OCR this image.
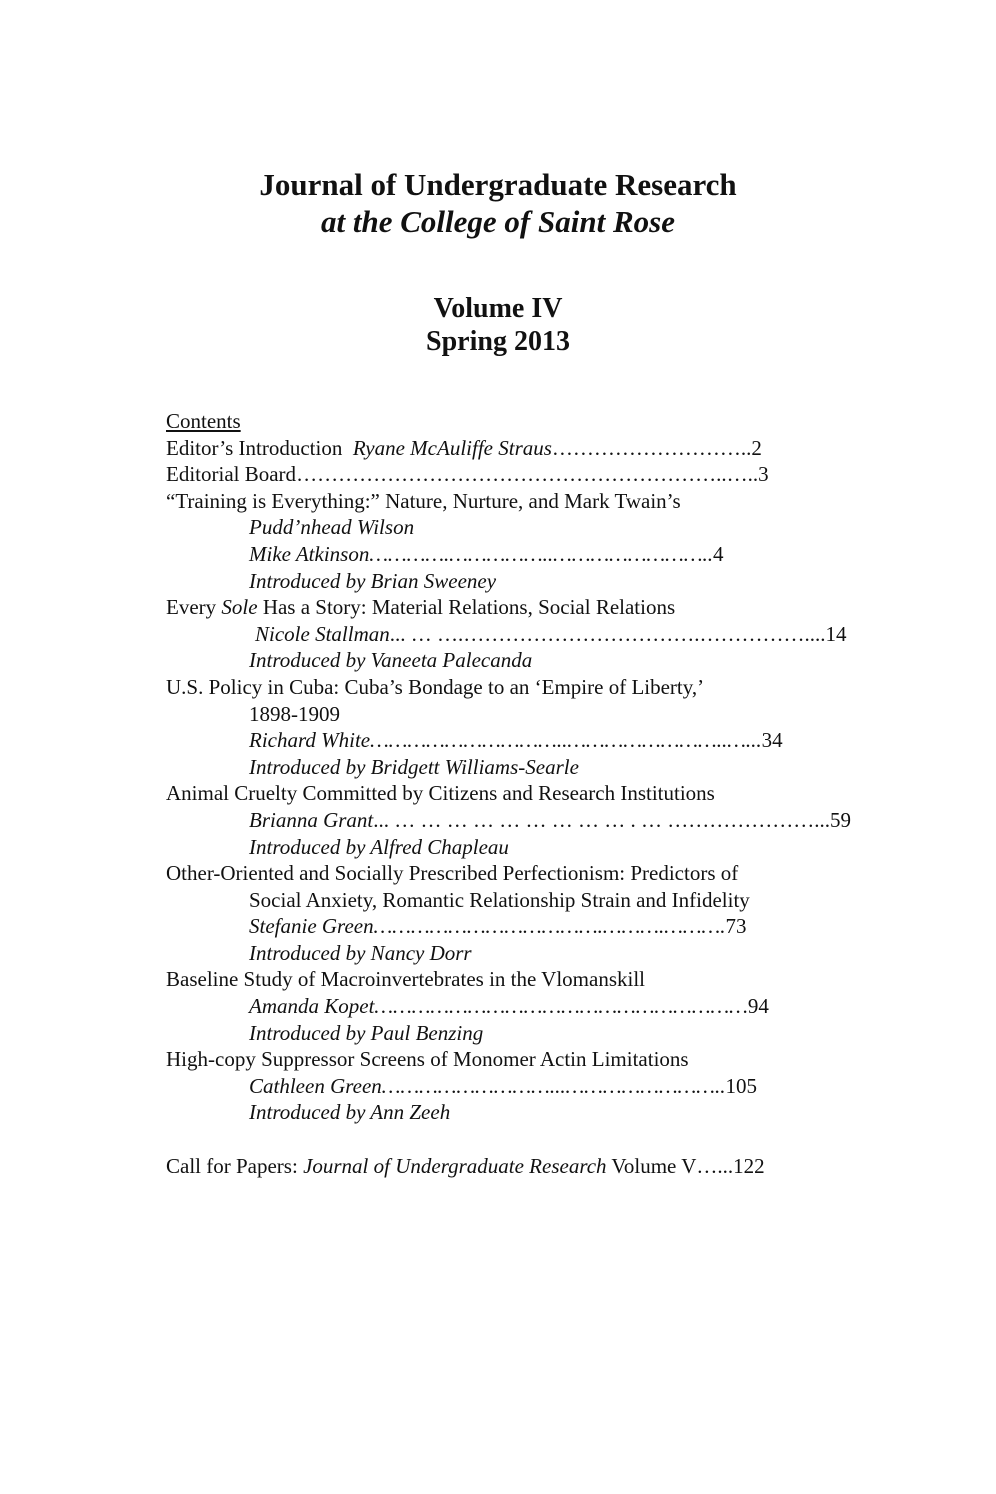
Journal of Undergraduate Research
at the College of Saint Rose
Volume IV
Spring 2013
Contents
Editor’s Introduction Ryane McAuliffe Straus………………………..2
Editorial Board……………………………………………………..…..3
“Training is Everything:” Nature, Nurture, and Mark Twain’s
Pudd’nhead Wilson
Mike Atkinson………….……………..……………………..4
Introduced by Brian Sweeney
Every Sole Has a Story: Material Relations, Social Relations
Nicole Stallman... … ….…………………………….……………....14
Introduced by Vaneeta Palecanda
U.S. Policy in Cuba: Cuba’s Bondage to an ‘Empire of Liberty,’
1898-1909
Richard White…………………………..……………………..…...34
Introduced by Bridgett Williams-Searle
Animal Cruelty Committed by Citizens and Research Institutions
Brianna Grant... … … … … … … … … … . … …………………...59
Introduced by Alfred Chapleau
Other-Oriented and Socially Prescribed Perfectionism: Predictors of
Social Anxiety, Romantic Relationship Strain and Infidelity
Stefanie Green……………………………….……….……….73
Introduced by Nancy Dorr
Baseline Study of Macroinvertebrates in the Vlomanskill
Amanda Kopet……………………………………………………94
Introduced by Paul Benzing
High-copy Suppressor Screens of Monomer Actin Limitations
Cathleen Green………………………...……………………..105
Introduced by Ann Zeeh
Call for Papers: Journal of Undergraduate Research Volume V…...122
